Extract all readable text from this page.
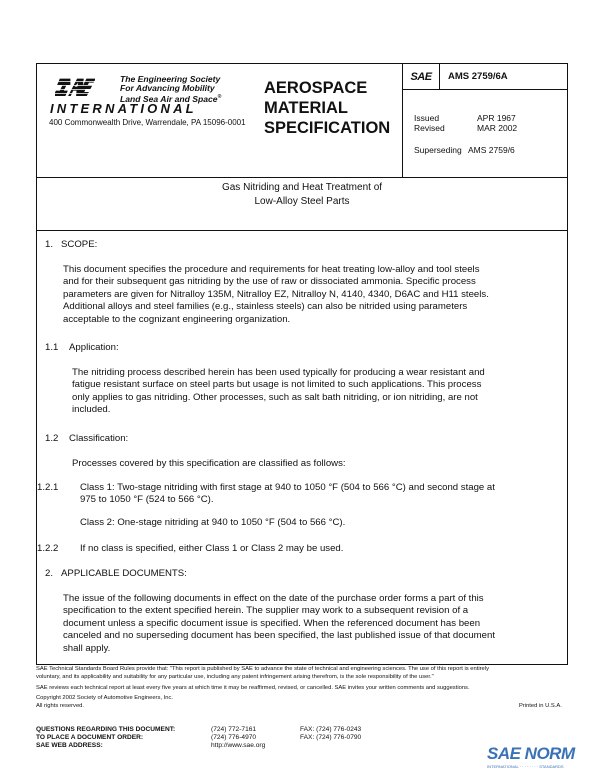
The Engineering Society
For Advancing Mobility
Land Sea Air and Space®
INTERNATIONAL
400 Commonwealth Drive, Warrendale, PA 15096-0001
AEROSPACE
MATERIAL
SPECIFICATION
SAE AMS 2759/6A
Issued	APR 1967
Revised	MAR 2002
Superseding AMS 2759/6
Gas Nitriding and Heat Treatment of
Low-Alloy Steel Parts
1. SCOPE:
This document specifies the procedure and requirements for heat treating low-alloy and tool steels
and for their subsequent gas nitriding by the use of raw or dissociated ammonia. Specific process
parameters are given for Nitralloy 135M, Nitralloy EZ, Nitralloy N, 4140, 4340, D6AC and H11 steels.
Additional alloys and steel families (e.g., stainless steels) can also be nitrided using parameters
acceptable to the cognizant engineering organization.
1.1 Application:
The nitriding process described herein has been used typically for producing a wear resistant and
fatigue resistant surface on steel parts but usage is not limited to such applications. This process
only applies to gas nitriding. Other processes, such as salt bath nitriding, or ion nitriding, are not
included.
1.2 Classification:
Processes covered by this specification are classified as follows:
1.2.1 Class 1: Two-stage nitriding with first stage at 940 to 1050 °F (504 to 566 °C) and second stage at
975 to 1050 °F (524 to 566 °C).
Class 2: One-stage nitriding at 940 to 1050 °F (504 to 566 °C).
1.2.2 If no class is specified, either Class 1 or Class 2 may be used.
2. APPLICABLE DOCUMENTS:
The issue of the following documents in effect on the date of the purchase order forms a part of this
specification to the extent specified herein. The supplier may work to a subsequent revision of a
document unless a specific document issue is specified. When the referenced document has been
canceled and no superseding document has been specified, the last published issue of that document
shall apply.
SAE Technical Standards Board Rules provide that: "This report is published by SAE to advance the state of technical and engineering sciences. The use of this report is entirely
voluntary, and its applicability and suitability for any particular use, including any patent infringement arising therefrom, is the sole responsibility of the user."
SAE reviews each technical report at least every five years at which time it may be reaffirmed, revised, or cancelled. SAE invites your written comments and suggestions.
Copyright 2002 Society of Automotive Engineers, Inc.
All rights reserved.	Printed in U.S.A.
QUESTIONS REGARDING THIS DOCUMENT:	(724) 772-7161	FAX: (724) 776-0243
TO PLACE A DOCUMENT ORDER:	(724) 776-4970	FAX: (724) 776-0790
SAE WEB ADDRESS:	http://www.sae.org	SAE NORM
INTERNATIONAL · · · · · · · · STANDARDS
